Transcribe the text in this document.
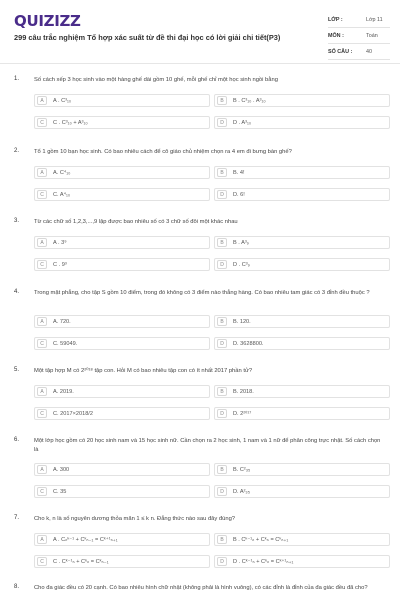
QUIZIZZ
299 câu trắc nghiệm Tổ hợp xác suất từ đề thi đại học có lời giải chi tiết(P3)
LỚP :	Lớp 11
MÔN :	Toán
SỐ CÂU :	40
1.	Số cách xếp 3 học sinh vào một hàng ghế dài gồm 10 ghế, mỗi ghế chỉ một học sinh ngồi bằng
A	A . C³₁₀	B	B . C³₁₀ . A³₁₀
C	C . C³₁₀ + A³₁₀	D	D . A³₁₀
2.	Tổ 1 gồm 10 bạn học sinh. Có bao nhiêu cách để cô giáo chủ nhiệm chọn ra 4 em đi bưng bàn ghế?
A	A. C⁴₁₀	B	B. 4!
C	C. A⁴₁₀	D	D. 6!
3.	Từ các chữ số 1,2,3,...,9 lập được bao nhiêu số có 3 chữ số đôi một khác nhau
A	A . 3⁹	B	B . A³₉
C	C . 9³	D	D . C³₉
4.	Trong mặt phẳng, cho tập S gồm 10 điểm, trong đó không có 3 điểm nào thẳng hàng. Có bao nhiêu tam giác có 3 đỉnh đều thuộc ?
A	A. 720.	B	B. 120.
C	C. 59049.	D	D. 3628800.
5.	Một tập hợp M có 2²⁰¹⁸ tập con. Hỏi M có bao nhiêu tập con có ít nhất 2017 phần tử?
A	A. 2019.	B	B. 2018.
C	C. 2017×2018/2	D	D. 2²⁰¹⁷
6.	Một lớp học gồm có 20 học sinh nam và 15 học sinh nữ. Cần chọn ra 2 học sinh, 1 nam và 1 nữ để phân công trực nhật. Số cách chọn là
A	A. 300	B	B. C²₃₅
C	C. 35	D	D. A²₃₅
7.	Cho k, n là số nguyên dương thỏa mãn 1 ≤ k n. Đẳng thức nào sau đây đúng?
A	A . Cₙᵏ⁻¹ + Cᵏₙ₋₁ = Cᵏ⁺¹ₙ₊₁	B	B . Cᵏ⁻¹ₙ + Cᵏₙ = Cᵏₙ₊₁
C	C . Cᵏ⁻¹ₙ + Cᵏₙ = Cᵏₙ₋₁	D	D . Cᵏ⁻¹ₙ + Cᵏₙ = Cᵏ⁺¹ₙ₊₁
8.	Cho đa giác đều có 20 cạnh. Có bao nhiêu hình chữ nhật (không phải là hình vuông), có các đỉnh là đỉnh của đa giác đều đã cho?
